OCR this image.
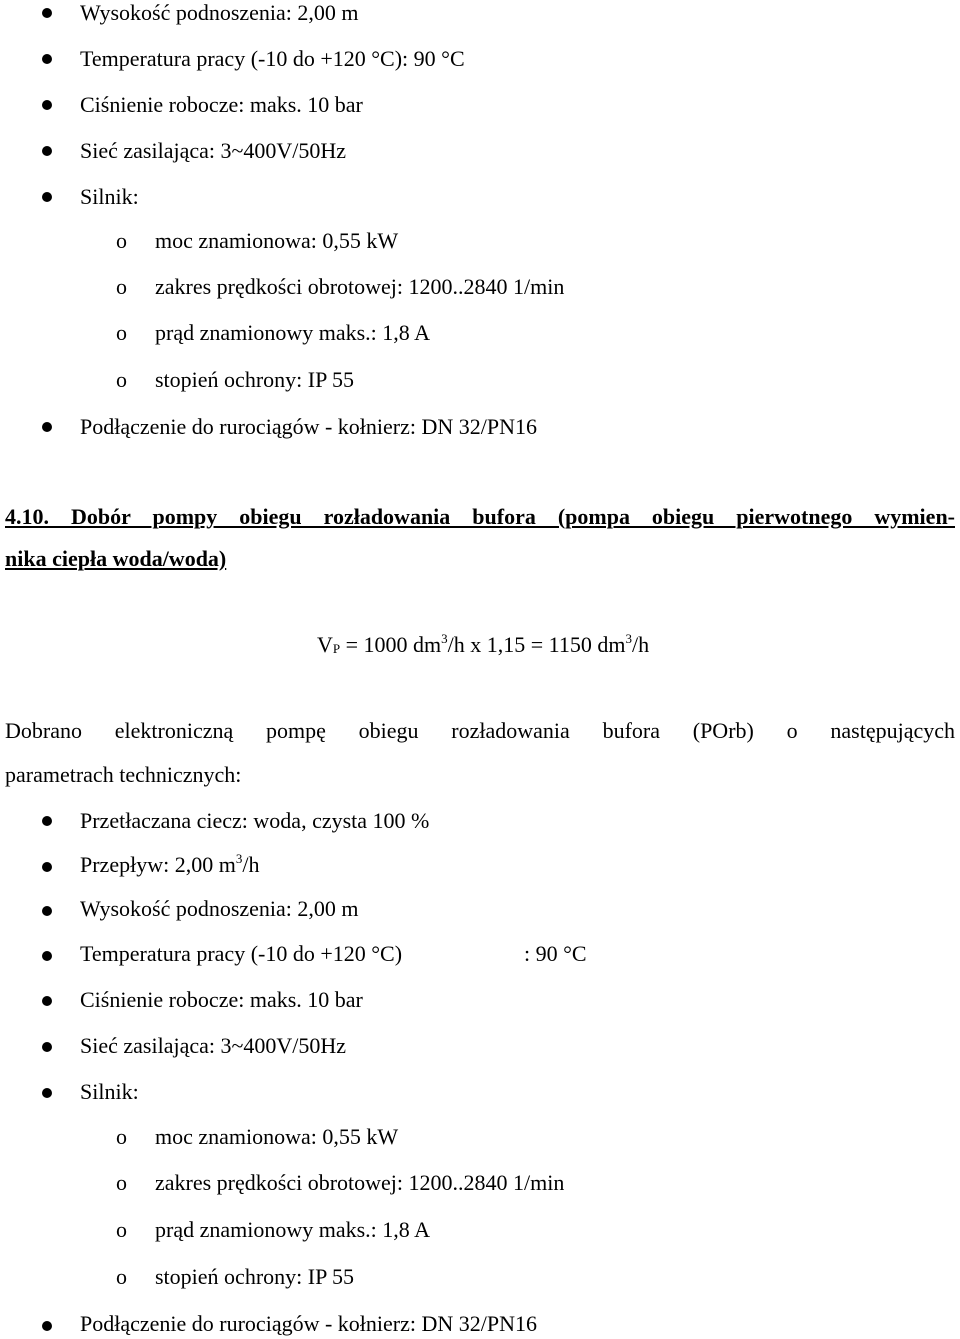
Wysokość podnoszenia: 2,00 m
Temperatura pracy (-10 do +120 °C): 90 °C
Ciśnienie robocze: maks. 10 bar
Sieć zasilająca: 3~400V/50Hz
Silnik:
o moc znamionowa: 0,55 kW
o zakres prędkości obrotowej: 1200..2840 1/min
o prąd znamionowy maks.: 1,8 A
o stopień ochrony: IP 55
Podłączenie do rurociągów - kołnierz: DN 32/PN16
4.10. Dobór pompy obiegu rozładowania bufora (pompa obiegu pierwotnego wymien-
nika ciepła woda/woda)
$V_P = 1000$ $dm^3/h$ x 1,15 = 1150 $dm^3/h$
Dobrano elektroniczną pompę obiegu rozładowania bufora (POrb) o następujących
parametrach technicznych:
Przetłaczana ciecz: woda, czysta 100 %
Przepływ: 2,00 $m^3/h$
Wysokość podnoszenia: 2,00 m
Temperatura pracy (-10 do +120 °C)	: 90 °C
Ciśnienie robocze: maks. 10 bar
Sieć zasilająca: 3~400V/50Hz
Silnik:
o moc znamionowa: 0,55 kW
o zakres prędkości obrotowej: 1200..2840 1/min
o prąd znamionowy maks.: 1,8 A
o stopień ochrony: IP 55
Podłączenie do rurociągów - kołnierz: DN 32/PN16
